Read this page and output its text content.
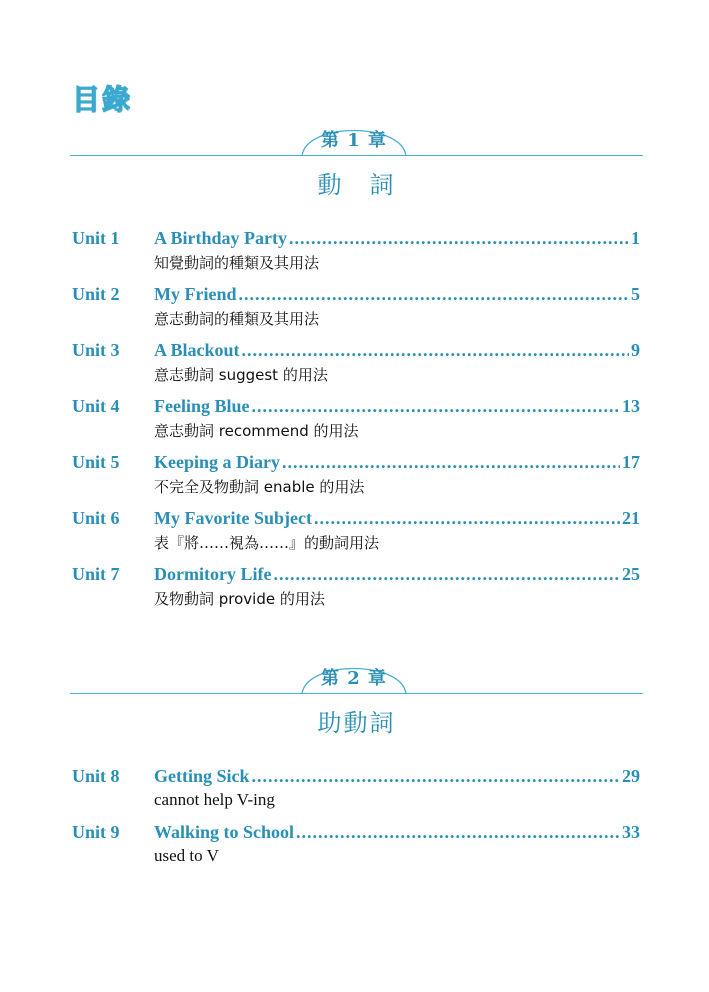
目錄
第 1 章
動　詞
Unit 1	A Birthday Party .....	1
知覺動詞的種類及其用法
Unit 2	My Friend .....	5
意志動詞的種類及其用法
Unit 3	A Blackout .....	9
意志動詞 suggest 的用法
Unit 4	Feeling Blue .....	13
意志動詞 recommend 的用法
Unit 5	Keeping a Diary .....	17
不完全及物動詞 enable 的用法
Unit 6	My Favorite Subject .....	21
表『將……視為……』的動詞用法
Unit 7	Dormitory Life .....	25
及物動詞 provide 的用法
第 2 章
助動詞
Unit 8	Getting Sick .....	29
cannot help V-ing
Unit 9	Walking to School .....	33
used to V
